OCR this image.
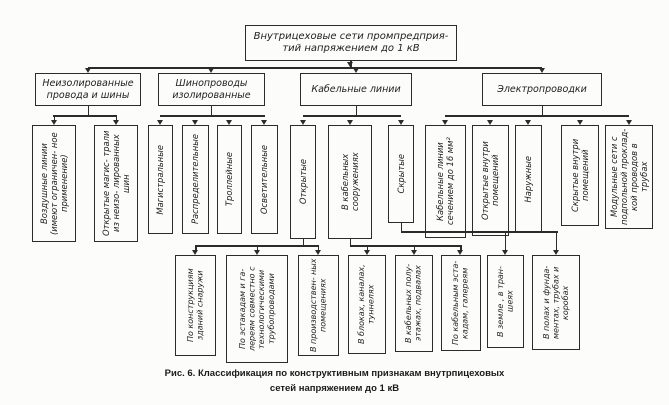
Внутрицеховые сети промпредприя- тий напряжением до 1 кВ
Неизолированные провода и шины
Шинопроводы изолированные
Кабельные линии	Электропроводки
Воздушные линии (имеют ограничен- ное применение)	Открытые магис- трали из неизо- лированных шин	Магистральные	Распределительные	Троллейные	Осветительные	Открытые	В кабельных сооружениях	Скрытые	Кабельные линии сечением до 16 мм²	Открытые внутри помещений	Наружные	Скрытые внутри помещений Модульные сети с подпольной проклад- кой проводов в трубах
По конструкциям зданий снаружи	По эстакадам и га- лереям совместно с технологическими трубопроводами	В производствен- ных помещениях	В блоках, каналах, туннелях	В кабельных полу- этажах, подвалах	По кабельным эста- кадам, галереям	В земле , в тран- шеях	В полах и фунда- ментах, трубах и коробах
Рис. 6. Классификация по конструктивным признакам внутрпицеховых
сетей напряжением до 1 кВ
